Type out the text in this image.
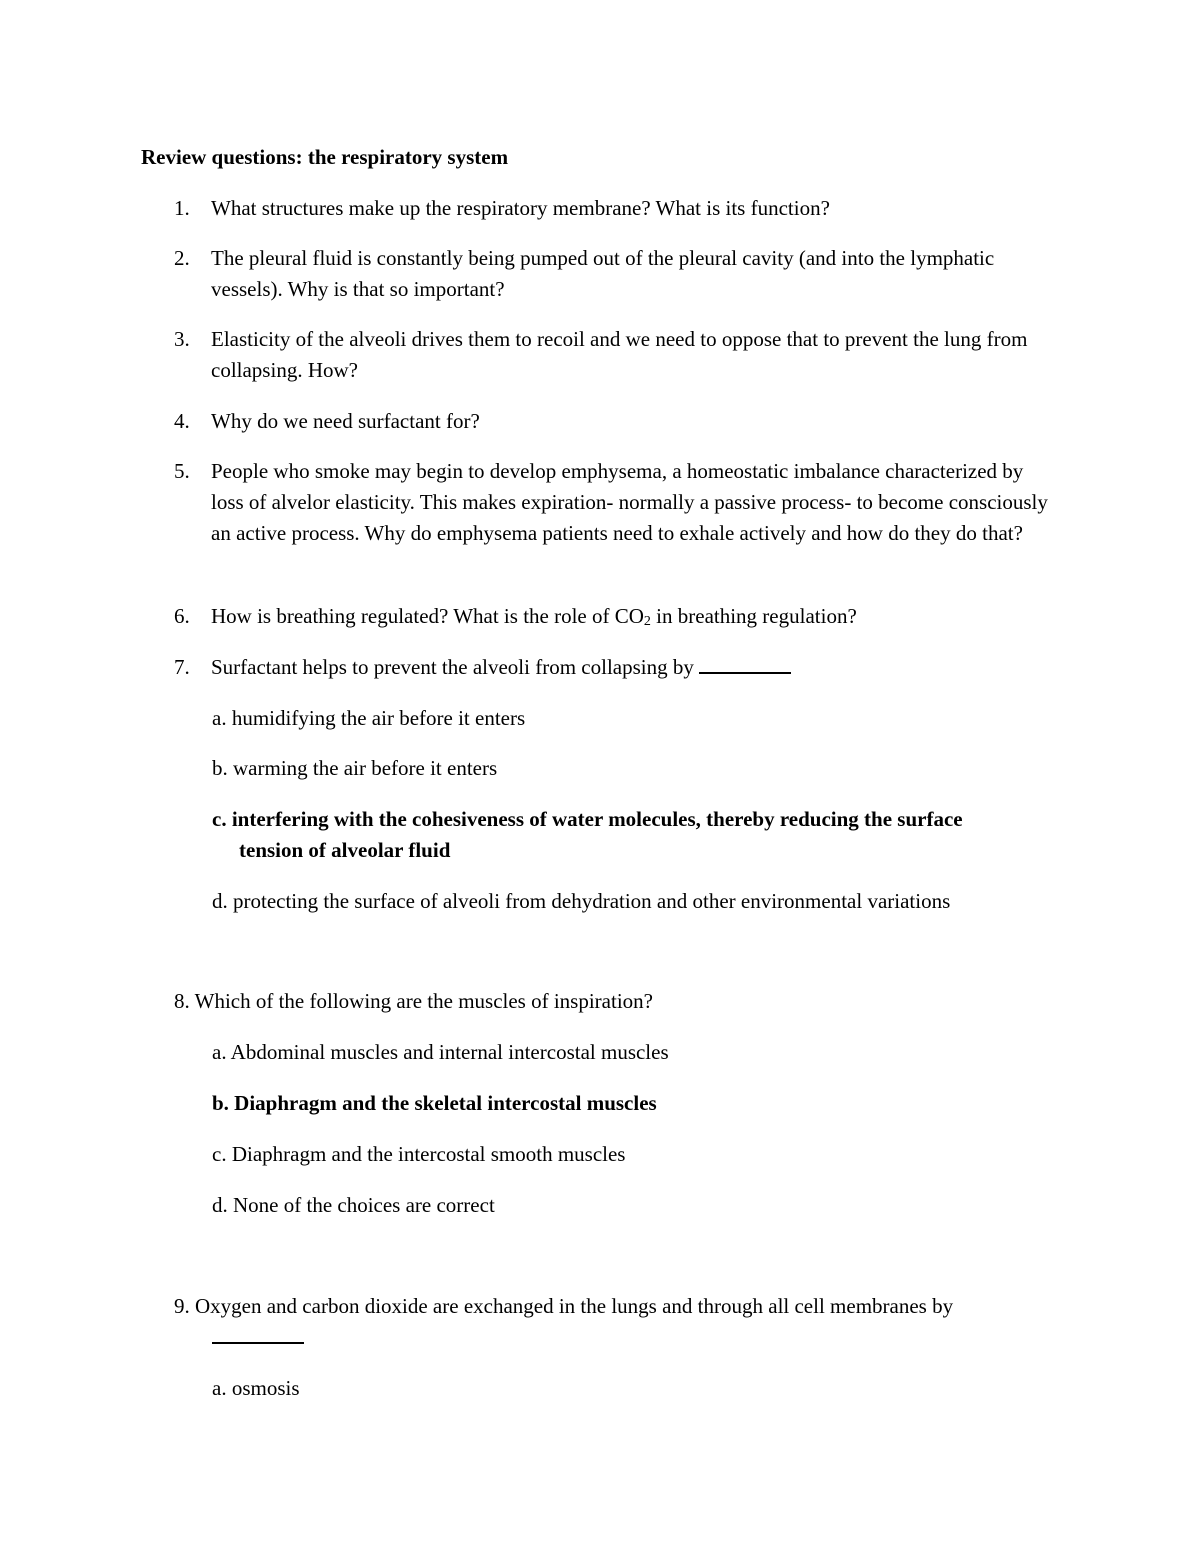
Review questions: the respiratory system

1. What structures make up the respiratory membrane? What is its function?
2. The pleural fluid is constantly being pumped out of the pleural cavity (and into the lymphatic vessels). Why is that so important?
3. Elasticity of the alveoli drives them to recoil and we need to oppose that to prevent the lung from collapsing. How?
4. Why do we need surfactant for?
5. People who smoke may begin to develop emphysema, a homeostatic imbalance characterized by loss of alvelor elasticity. This makes expiration- normally a passive process- to become consciously an active process. Why do emphysema patients need to exhale actively and how do they do that?
6. How is breathing regulated? What is the role of CO2 in breathing regulation?
7. Surfactant helps to prevent the alveoli from collapsing by
a. humidifying the air before it enters
b. warming the air before it enters
c. interfering with the cohesiveness of water molecules, thereby reducing the surface
tension of alveolar fluid
d. protecting the surface of alveoli from dehydration and other environmental variations
8. Which of the following are the muscles of inspiration?
a. Abdominal muscles and internal intercostal muscles
b. Diaphragm and the skeletal intercostal muscles
c. Diaphragm and the intercostal smooth muscles
d. None of the choices are correct
9. Oxygen and carbon dioxide are exchanged in the lungs and through all cell membranes by
a. osmosis
